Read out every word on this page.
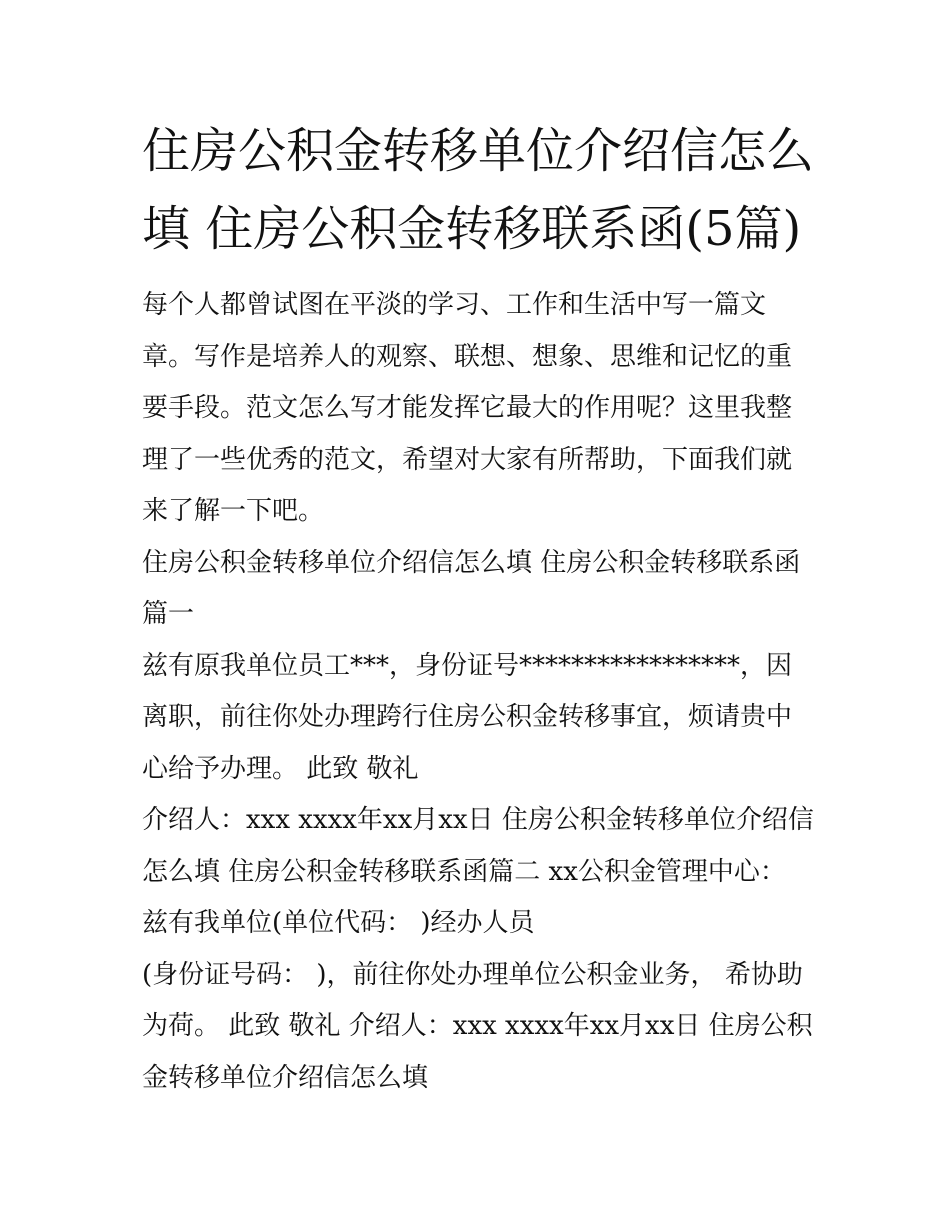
住房公积金转移单位介绍信怎么填 住房公积金转移联系函(5篇)

每个人都曾试图在平淡的学习、工作和生活中写一篇文章。写作是培养人的观察、联想、想象、思维和记忆的重要手段。范文怎么写才能发挥它最大的作用呢？这里我整理了一些优秀的范文，希望对大家有所帮助，下面我们就来了解一下吧。

住房公积金转移单位介绍信怎么填 住房公积金转移联系函篇一

兹有原我单位员工***，身份证号*****************，因离职，前往你处办理跨行住房公积金转移事宜，烦请贵中心给予办理。 此致 敬礼

介绍人：xxx xxxx年xx月xx日 住房公积金转移单位介绍信怎么填 住房公积金转移联系函篇二 xx公积金管理中心： 兹有我单位(单位代码： )经办人员

(身份证号码： )，前往你处办理单位公积金业务， 希协助为荷。 此致 敬礼 介绍人：xxx xxxx年xx月xx日 住房公积金转移单位介绍信怎么填
